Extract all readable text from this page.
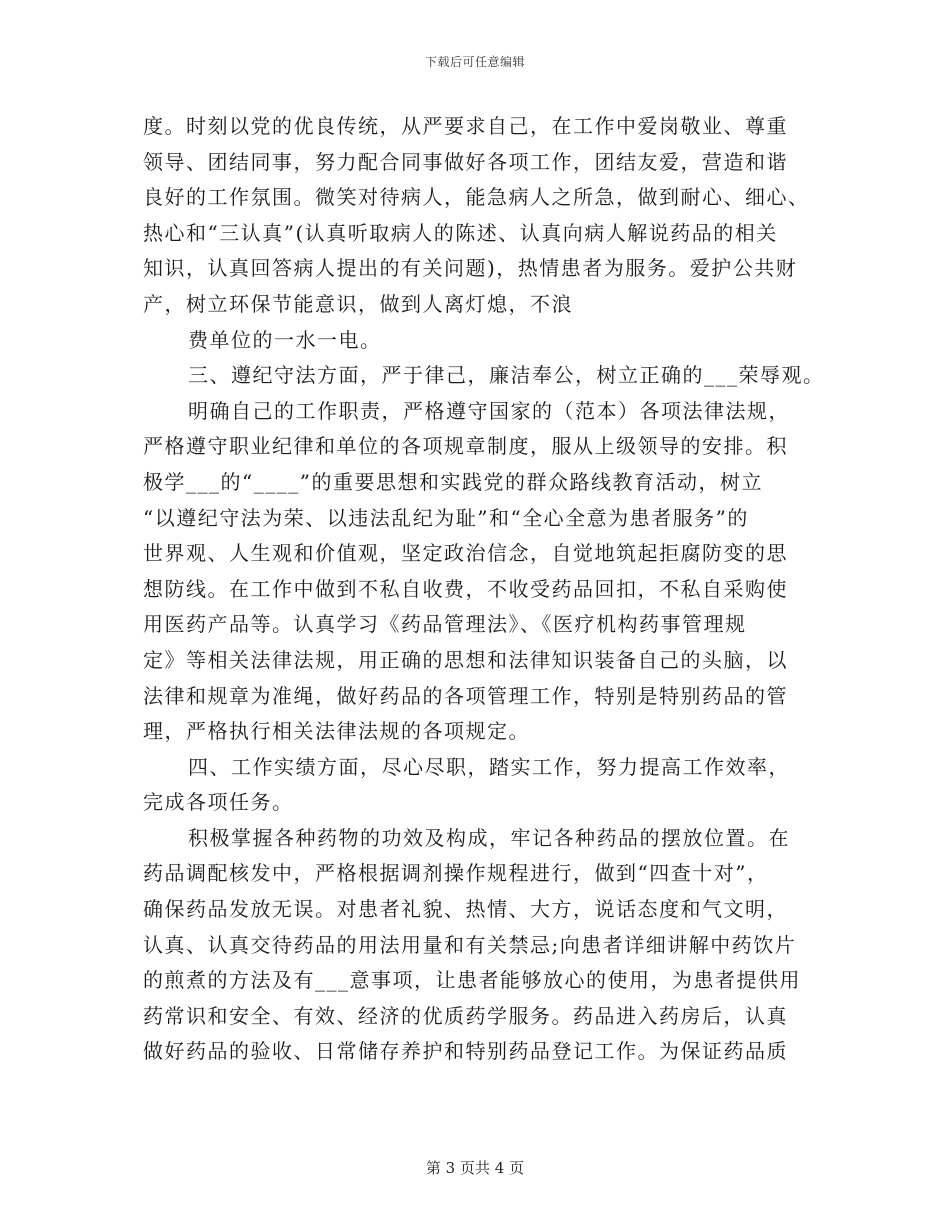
下载后可任意编辑
度。时刻以党的优良传统，从严要求自己，在工作中爱岗敬业、尊重
领导、团结同事，努力配合同事做好各项工作，团结友爱，营造和谐
良好的工作氛围。微笑对待病人，能急病人之所急，做到耐心、细心、
热心和“三认真”(认真听取病人的陈述、认真向病人解说药品的相关
知识，认真回答病人提出的有关问题)，热情患者为服务。爱护公共财
产，树立环保节能意识，做到人离灯熄，不浪
费单位的一水一电。
三、遵纪守法方面，严于律己，廉洁奉公，树立正确的___荣辱观。
明确自己的工作职责，严格遵守国家的（范本）各项法律法规，
严格遵守职业纪律和单位的各项规章制度，服从上级领导的安排。积
极学___的“____”的重要思想和实践党的群众路线教育活动，树立
“以遵纪守法为荣、以违法乱纪为耻”和“全心全意为患者服务”的
世界观、人生观和价值观，坚定政治信念，自觉地筑起拒腐防变的思
想防线。在工作中做到不私自收费，不收受药品回扣，不私自采购使
用医药产品等。认真学习《药品管理法》、《医疗机构药事管理规
定》等相关法律法规，用正确的思想和法律知识装备自己的头脑，以
法律和规章为准绳，做好药品的各项管理工作，特别是特别药品的管
理，严格执行相关法律法规的各项规定。
四、工作实绩方面，尽心尽职，踏实工作，努力提高工作效率，
完成各项任务。
积极掌握各种药物的功效及构成，牢记各种药品的摆放位置。在
药品调配核发中，严格根据调剂操作规程进行，做到“四查十对”，
确保药品发放无误。对患者礼貌、热情、大方，说话态度和气文明，
认真、认真交待药品的用法用量和有关禁忌;向患者详细讲解中药饮片
的煎煮的方法及有___意事项，让患者能够放心的使用，为患者提供用
药常识和安全、有效、经济的优质药学服务。药品进入药房后，认真
做好药品的验收、日常储存养护和特别药品登记工作。为保证药品质
第 3 页共 4 页
